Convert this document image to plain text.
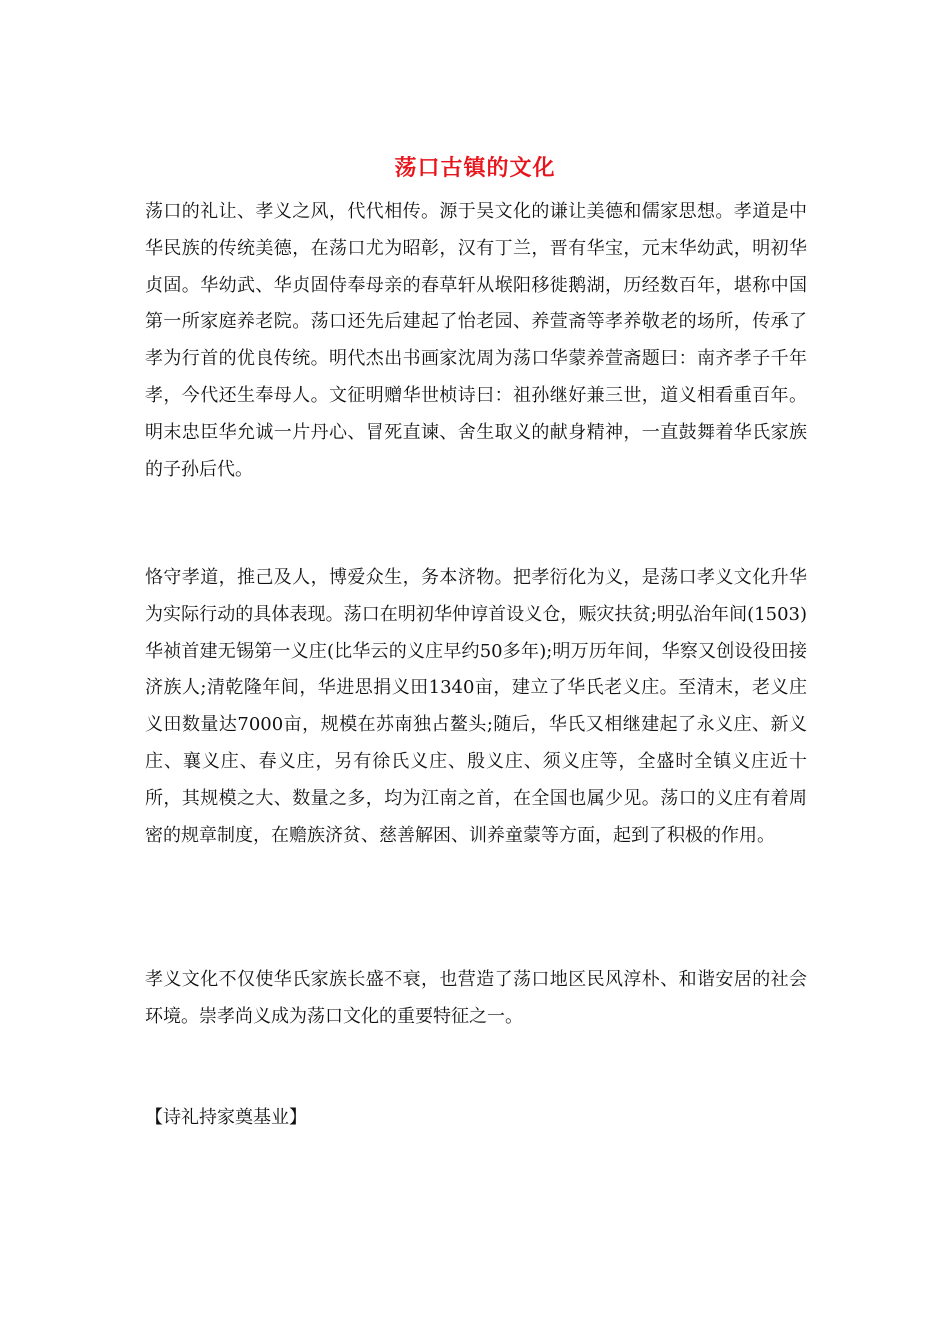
荡口古镇的文化

荡口的礼让、孝义之风，代代相传。源于吴文化的谦让美德和儒家思想。孝道是中华民族的传统美德，在荡口尤为昭彰，汉有丁兰，晋有华宝，元末华幼武，明初华贞固。华幼武、华贞固侍奉母亲的春草轩从堠阳移徙鹅湖，历经数百年，堪称中国第一所家庭养老院。荡口还先后建起了怡老园、养萱斋等孝养敬老的场所，传承了孝为行首的优良传统。明代杰出书画家沈周为荡口华蒙养萱斋题曰：南齐孝子千年孝，今代还生奉母人。文征明赠华世桢诗曰：祖孙继好兼三世，道义相看重百年。明末忠臣华允诚一片丹心、冒死直谏、舍生取义的献身精神，一直鼓舞着华氏家族的子孙后代。

恪守孝道，推己及人，博爱众生，务本济物。把孝衍化为义，是荡口孝义文化升华为实际行动的具体表现。荡口在明初华仲谆首设义仓，赈灾扶贫;明弘治年间(1503)华祯首建无锡第一义庄(比华云的义庄早约50多年);明万历年间，华察又创设役田接济族人;清乾隆年间，华进思捐义田1340亩，建立了华氏老义庄。至清末，老义庄义田数量达7000亩，规模在苏南独占鳌头;随后，华氏又相继建起了永义庄、新义庄、襄义庄、春义庄，另有徐氏义庄、殷义庄、须义庄等，全盛时全镇义庄近十所，其规模之大、数量之多，均为江南之首，在全国也属少见。荡口的义庄有着周密的规章制度，在赡族济贫、慈善解困、训养童蒙等方面，起到了积极的作用。

孝义文化不仅使华氏家族长盛不衰，也营造了荡口地区民风淳朴、和谐安居的社会环境。崇孝尚义成为荡口文化的重要特征之一。

【诗礼持家奠基业】
